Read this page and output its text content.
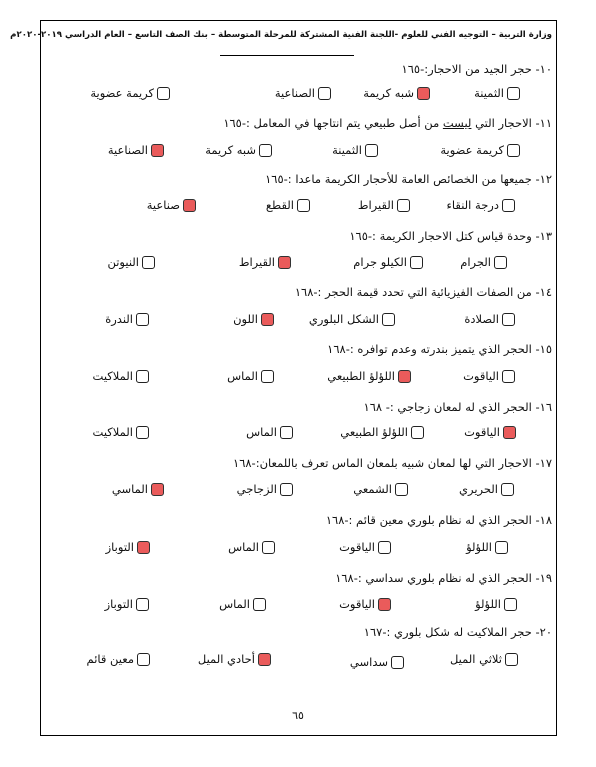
وزارة التربية – التوجيه الفني للعلوم -اللجنة الفنية المشتركة للمرحلة المتوسطة – بنك الصف التاسع – العام الدراسي ٢٠١٩-٢٠٢٠م
١٠- حجر الجيد من الاحجار:-١٦٥
الثمينة
شبه كريمة
الصناعية
كريمة عضوية
١١- الاحجار التي ليست من أصل طبيعي يتم انتاجها في المعامل :-١٦٥
كريمة عضوية
الثمينة
شبه كريمة
الصناعية
١٢- جميعها من الخصائص العامة للأحجار الكريمة ماعدا :-١٦٥
درجة النقاء
القيراط
القطع
صناعية
١٣- وحدة قياس كتل الاحجار الكريمة :-١٦٥
الجرام
الكيلو جرام
القيراط
النيوتن
١٤- من الصفات الفيزيائية التي تحدد قيمة الحجر :-١٦٨
الصلادة
الشكل البلوري
اللون
الندرة
١٥- الحجر الذي يتميز بندرته وعدم توافره :-١٦٨
الياقوت
اللؤلؤ الطبيعي
الماس
الملاكيت
١٦- الحجر الذي له لمعان زجاجي :- ١٦٨
الياقوت
اللؤلؤ الطبيعي
الماس
الملاكيت
١٧- الاحجار التي لها لمعان شبيه بلمعان الماس تعرف باللمعان:-١٦٨
الحريري
الشمعي
الزجاجي
الماسي
١٨- الحجر الذي له نظام بلوري معين قائم :-١٦٨
اللؤلؤ
الياقوت
الماس
التوباز
١٩- الحجر الذي له نظام بلوري سداسي :-١٦٨
اللؤلؤ
الياقوت
الماس
التوباز
٢٠- حجر الملاكيت له شكل بلوري :-١٦٧
ثلاثي الميل
سداسي
أحادي الميل
معين قائم
٦٥
